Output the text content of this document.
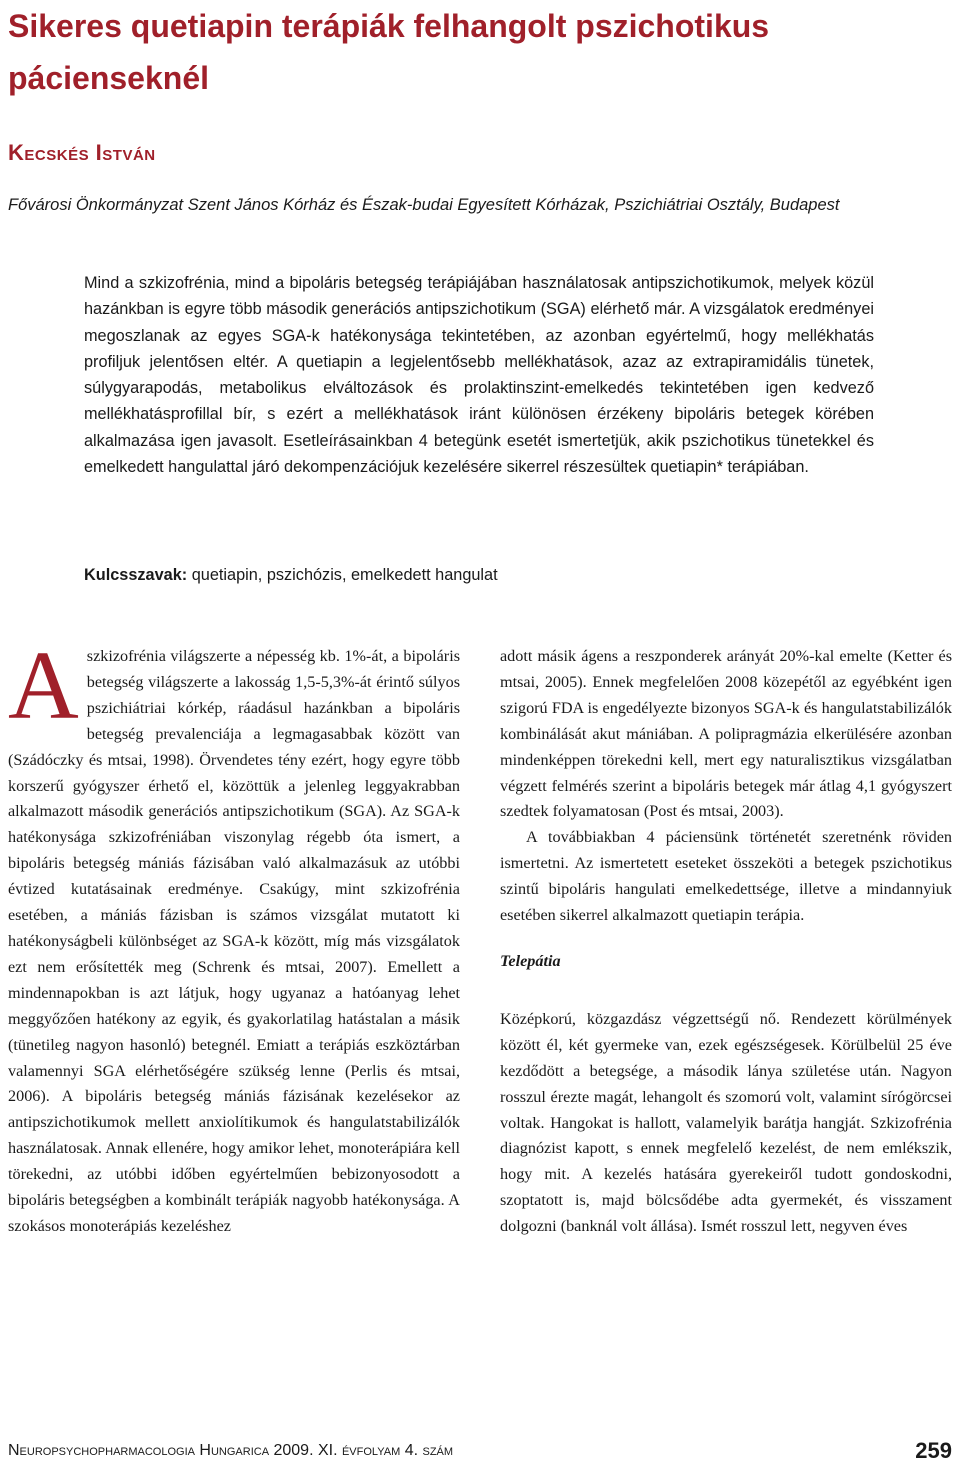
Sikeres quetiapin terápiák felhangolt pszichotikus pácienseknél
Kecskés István

Fővárosi Önkormányzat Szent János Kórház és Észak-budai Egyesített Kórházak, Pszichiátriai Osztály, Budapest

Mind a szkizofrénia, mind a bipoláris betegség terápiájában használatosak antipszichotikumok, melyek közül hazánkban is egyre több második generációs antipszichotikum (SGA) elérhető már. A vizsgálatok eredményei megoszlanak az egyes SGA-k hatékonysága tekintetében, az azonban egyértelmű, hogy mellékhatás profiljuk jelentősen eltér. A quetiapin a legjelentősebb mellékhatások, azaz az extrapiramidális tünetek, súlygyarapodás, metabolikus elváltozások és prolaktinszint-emelkedés tekintetében igen kedvező mellékhatásprofillal bír, s ezért a mellékhatások iránt különösen érzékeny bipoláris betegek körében alkalmazása igen javasolt. Esetleírásainkban 4 betegünk esetét ismertetjük, akik pszichotikus tünetekkel és emelkedett hangulattal járó dekompenzációjuk kezelésére sikerrel részesültek quetiapin* terápiában.

Kulcsszavak: quetiapin, pszichózis, emelkedett hangulat

A szkizofrénia világszerte a népesség kb. 1%-át, a bipoláris betegség világszerte a lakosság 1,5-5,3%-át érintő súlyos pszichiátriai kórkép, ráadásul hazánkban a bipoláris betegség prevalenciája a legmagasabbak között van (Szádóczky és mtsai, 1998). Örvendetes tény ezért, hogy egyre több korszerű gyógyszer érhető el, közöttük a jelenleg leggyakrabban alkalmazott második generációs antipszichotikum (SGA). Az SGA-k hatékonysága szkizofréniában viszonylag régebb óta ismert, a bipoláris betegség mániás fázisában való alkalmazásuk az utóbbi évtized kutatásainak eredménye. Csakúgy, mint szkizofrénia esetében, a mániás fázisban is számos vizsgálat mutatott ki hatékonyságbeli különbséget az SGA-k között, míg más vizsgálatok ezt nem erősítették meg (Schrenk és mtsai, 2007). Emellett a mindennapokban is azt látjuk, hogy ugyanaz a hatóanyag lehet meggyőzően hatékony az egyik, és gyakorlatilag hatástalan a másik (tünetileg nagyon hasonló) betegnél. Emiatt a terápiás eszköztárban valamennyi SGA elérhetőségére szükség lenne (Perlis és mtsai, 2006). A bipoláris betegség mániás fázisának kezelésekor az antipszichotikumok mellett anxiolítikumok és hangulatstabilizálók használatosak. Annak ellenére, hogy amikor lehet, monoterápiára kell törekedni, az utóbbi időben egyértelműen bebizonyosodott a bipoláris betegségben a kombinált terápiák nagyobb hatékonysága. A szokásos monoterápiás kezeléshez

adott másik ágens a reszponderek arányát 20%-kal emelte (Ketter és mtsai, 2005). Ennek megfelelően 2008 közepétől az egyébként igen szigorú FDA is engedélyezte bizonyos SGA-k és hangulatstabilizálók kombinálását akut mániában. A polipragmázia elkerülésére azonban mindenképpen törekedni kell, mert egy naturalisztikus vizsgálatban végzett felmérés szerint a bipoláris betegek már átlag 4,1 gyógyszert szedtek folyamatosan (Post és mtsai, 2003).

A továbbiakban 4 páciensünk történetét szeretnénk röviden ismertetni. Az ismertetett eseteket összeköti a betegek pszichotikus szintű bipoláris hangulati emelkedettsége, illetve a mindannyiuk esetében sikerrel alkalmazott quetiapin terápia.

Telepátia

Középkorú, közgazdász végzettségű nő. Rendezett körülmények között él, két gyermeke van, ezek egészségesek. Körülbelül 25 éve kezdődött a betegsége, a második lánya születése után. Nagyon rosszul érezte magát, lehangolt és szomorú volt, valamint sírógörcsei voltak. Hangokat is hallott, valamelyik barátja hangját. Szkizofrénia diagnózist kapott, s ennek megfelelő kezelést, de nem emlékszik, hogy mit. A kezelés hatására gyerekeiről tudott gondoskodni, szoptatott is, majd bölcsődébe adta gyermekét, és visszament dolgozni (banknál volt állása). Ismét rosszul lett, negyven éves

Neuropsychopharmacologia Hungarica 2009. XI. évfolyam 4. szám	259
